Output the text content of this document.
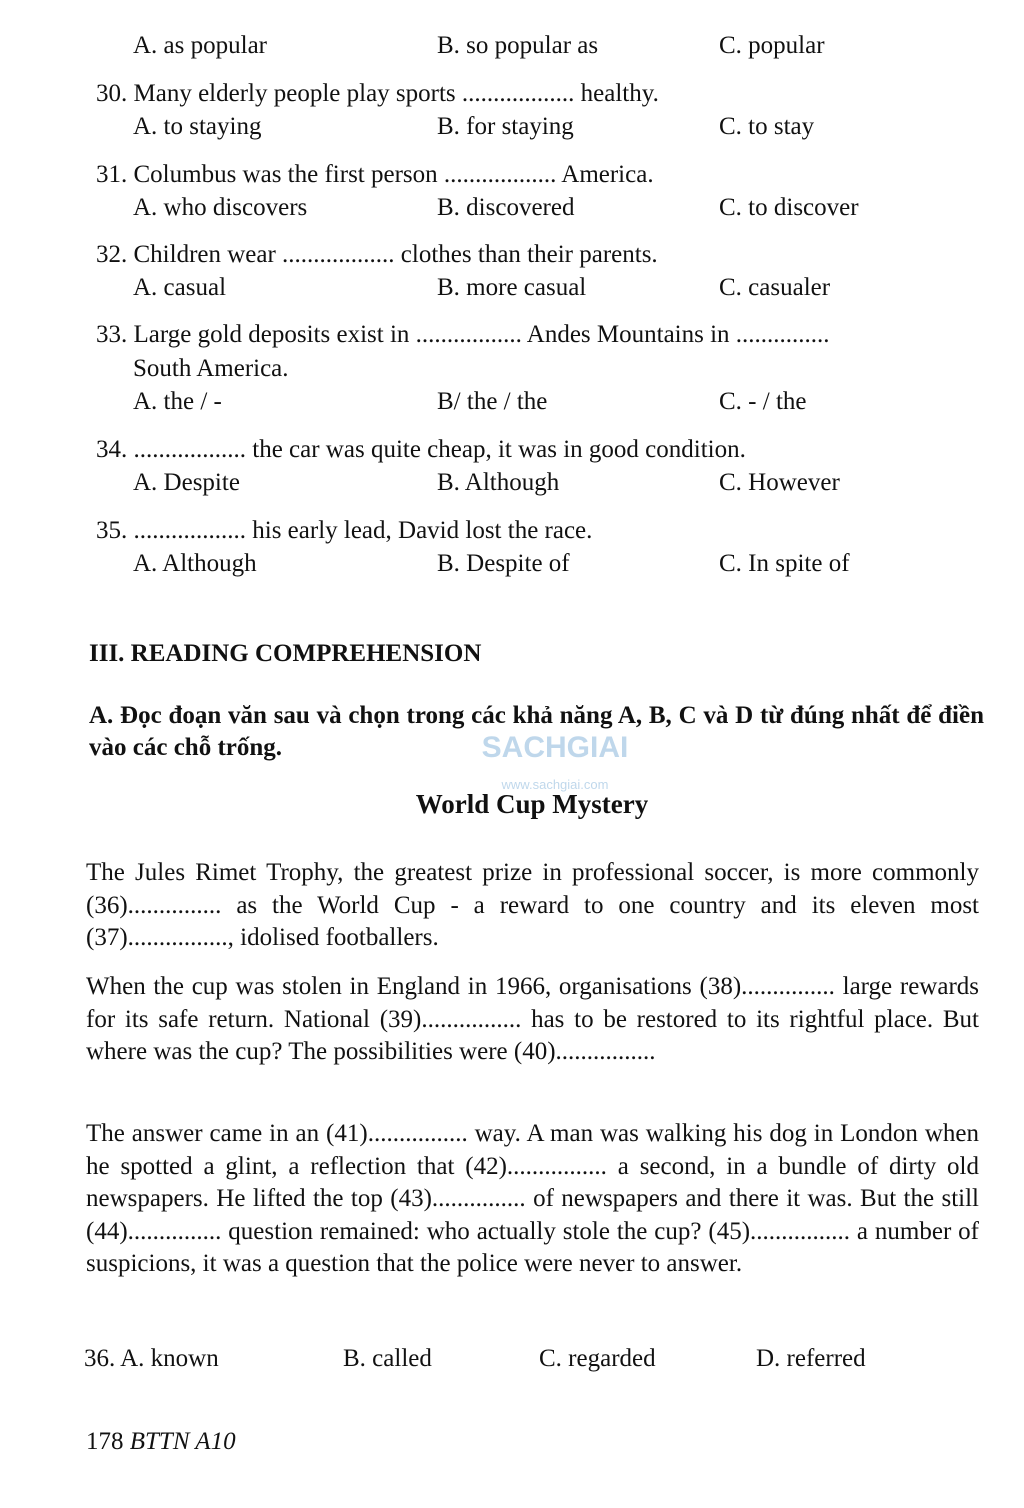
A. as popular	B. so popular as	C. popular
30. Many elderly people play sports .................. healthy.
A. to staying	B. for staying	C. to stay
31. Columbus was the first person .................. America.
A. who discovers	B. discovered	C. to discover
32. Children wear .................. clothes than their parents.
A. casual	B. more casual	C. casualer
33. Large gold deposits exist in ................. Andes Mountains in ...............
South America.
A. the / -	B/ the / the	C. - / the
34. .................. the car was quite cheap, it was in good condition.
A. Despite	B. Although	C. However
35. .................. his early lead, David lost the race.
A. Although	B. Despite of	C. In spite of
III. READING COMPREHENSION
A. Đọc đoạn văn sau và chọn trong các khả năng A, B, C và D từ đúng nhất để điền vào các chỗ trống.	SACHGIAI
www.sachgiai.com
World Cup Mystery
The Jules Rimet Trophy, the greatest prize in professional soccer, is more commonly (36)............... as the World Cup - a reward to one country and its eleven most (37)................, idolised footballers.
When the cup was stolen in England in 1966, organisations (38)............... large rewards for its safe return. National (39)................ has to be restored to its rightful place. But where was the cup? The possibilities were (40)................
The answer came in an (41)................ way. A man was walking his dog in London when he spotted a glint, a reflection that (42)................ a second, in a bundle of dirty old newspapers. He lifted the top (43)............... of newspapers and there it was. But the still (44)............... question remained: who actually stole the cup? (45)................ a number of suspicions, it was a question that the police were never to answer.
36. A. known	B. called	C. regarded	D. referred
178 BTTN A10
